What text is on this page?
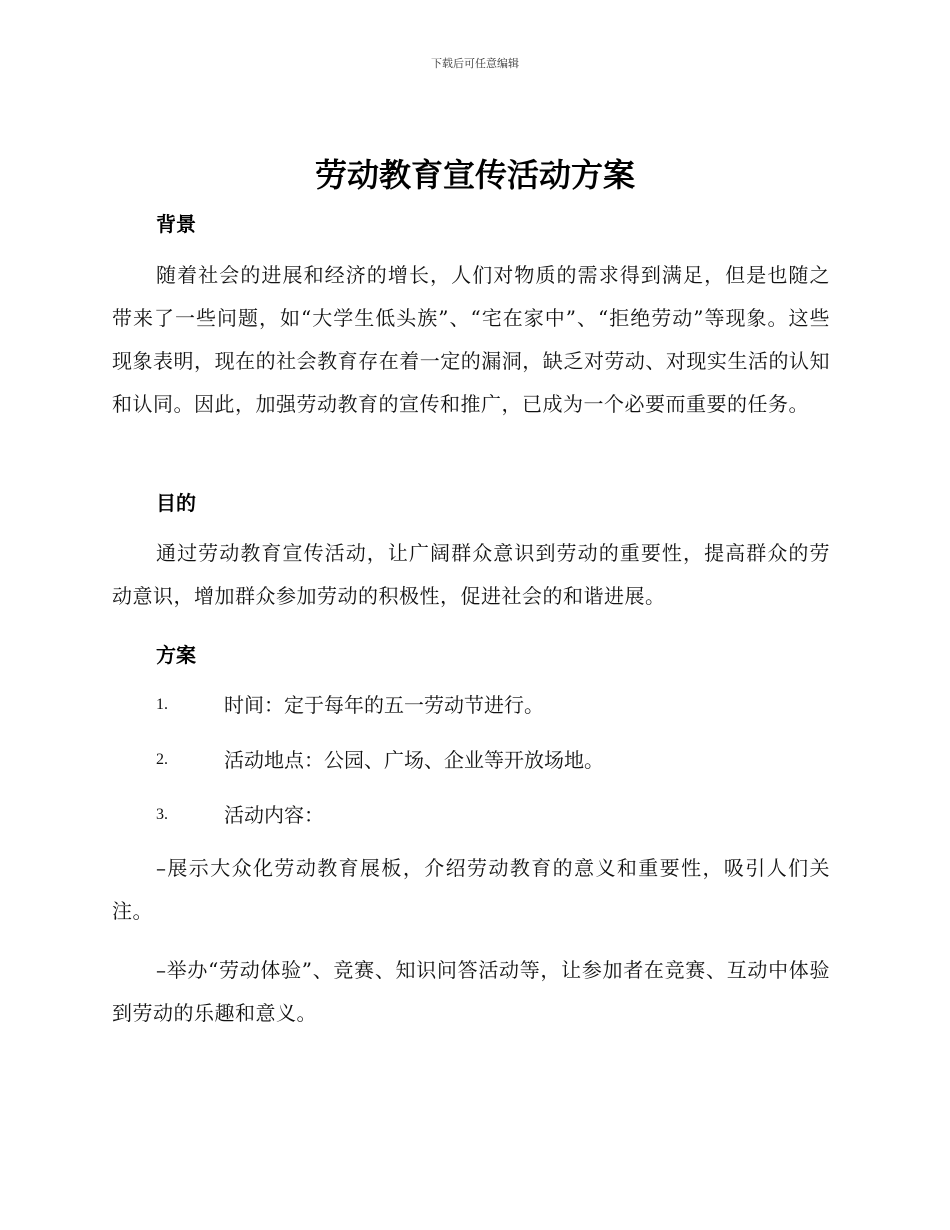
下载后可任意编辑
劳动教育宣传活动方案
背景

随着社会的进展和经济的增长，人们对物质的需求得到满足，但是也随之带来了一些问题，如“大学生低头族”、“宅在家中”、“拒绝劳动”等现象。这些现象表明，现在的社会教育存在着一定的漏洞，缺乏对劳动、对现实生活的认知和认同。因此，加强劳动教育的宣传和推广，已成为一个必要而重要的任务。

目的

通过劳动教育宣传活动，让广阔群众意识到劳动的重要性，提高群众的劳动意识，增加群众参加劳动的积极性，促进社会的和谐进展。

方案
1.	时间：定于每年的五一劳动节进行。
2.	活动地点：公园、广场、企业等开放场地。
3.	活动内容：

–展示大众化劳动教育展板，介绍劳动教育的意义和重要性，吸引人们关注。

–举办“劳动体验”、竞赛、知识问答活动等，让参加者在竞赛、互动中体验到劳动的乐趣和意义。
